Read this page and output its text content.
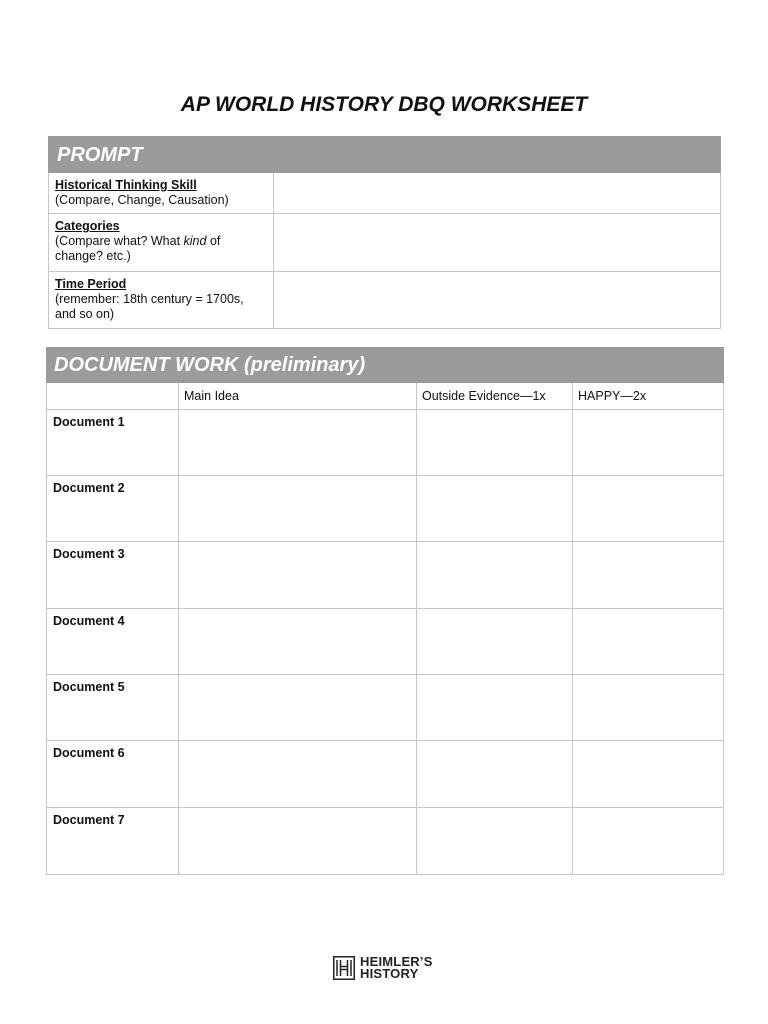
AP WORLD HISTORY DBQ WORKSHEET
PROMPT	

Historical Thinking Skill
(Compare, Change, Causation)	

Categories
(Compare what? What kind of change? etc.)	

Time Period
(remember: 18th century = 1700s, and so on)	
DOCUMENT WORK (preliminary)			
	Main Idea	Outside Evidence—1x	HAPPY—2x
Document 1			
Document 2			
Document 3			
Document 4			
Document 5			
Document 6			
Document 7			
HEIMLER’S
HISTORY
